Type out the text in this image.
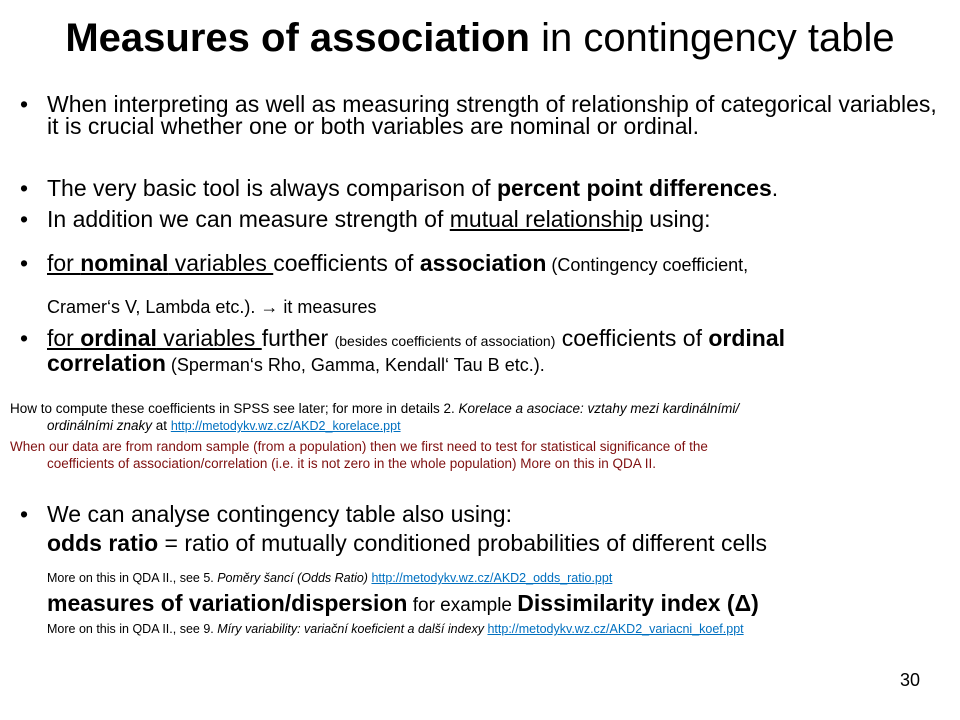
Measures of association in contingency table
• When interpreting as well as measuring strength of relationship of categorical variables, it is crucial whether one or both variables are nominal or ordinal.
• The very basic tool is always comparison of percent point differences.
• In addition we can measure strength of mutual relationship using:
• for nominal variables coefficients of association (Contingency coefficient,
Cramer‘s V, Lambda etc.). → it measures
• for ordinal variables further (besides coefficients of association) coefficients of ordinal
correlation (Sperman‘s Rho, Gamma, Kendall‘ Tau B etc.).
How to compute these coefficients in SPSS see later; for more in details 2. Korelace a asociace: vztahy mezi kardinálními/
ordinálními znaky at http://metodykv.wz.cz/AKD2_korelace.ppt
When our data are from random sample (from a population) then we first need to test for statistical significance of the
coefficients of association/correlation (i.e. it is not zero in the whole population) More on this in QDA II.
• We can analyse contingency table also using:
odds ratio = ratio of mutually conditioned probabilities of different cells
More on this in QDA II., see 5. Poměry šancí (Odds Ratio) http://metodykv.wz.cz/AKD2_odds_ratio.ppt
measures of variation/dispersion for example Dissimilarity index (Δ)
More on this in QDA II., see 9. Míry variability: variační koeficient a další indexy http://metodykv.wz.cz/AKD2_variacni_koef.ppt
30
